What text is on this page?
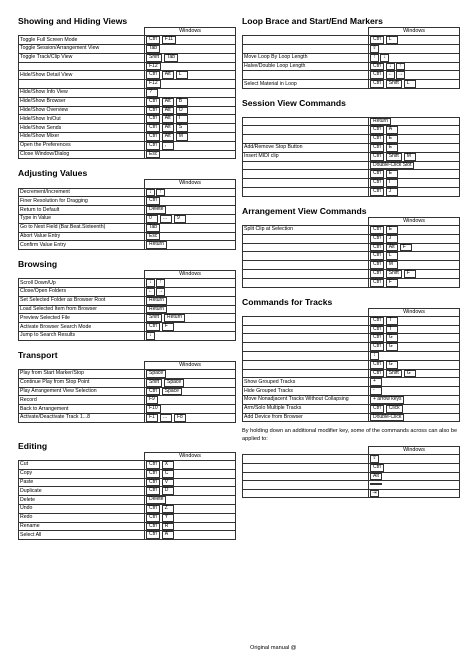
Showing and Hiding Views
	Windows
Toggle Full Screen Mode	Ctrl F11
Toggle Session/Arrangement View	Tab
Toggle Track/Clip View	Shift Tab
	F12
Hide/Show Detail View	Ctrl Alt L
	F12
Hide/Show Info View	?
Hide/Show Browser	Ctrl Alt B
Hide/Show Overview	Ctrl Alt O
Hide/Show In/Out	Ctrl Alt I
Hide/Show Sends	Ctrl Alt S
Hide/Show Mixer	Ctrl Alt M
Open the Preferences	Ctrl ,
Close Window/Dialog	Esc
Adjusting Values
	Windows
Decrement/Increment	↓ ↑
Finer Resolution for Dragging	Ctrl
Return to Default	Delete
Type in Value	0 ... 9
Go to Next Field (Bar.Beat.Sixteenth)	Tab
Abort Value Entry	Esc
Confirm Value Entry	Return
Browsing
	Windows
Scroll Down/Up	↓ ↑
Close/Open Folders	← →
Set Selected Folder as Browser Root	Return
Load Selected Item from Browser	Return
Preview Selected File	Shift Return
Activate Browser Search Mode	Ctrl F
Jump to Search Results	↓
Transport
	Windows
Play from Start Marker/Stop	Space
Continue Play from Stop Point	Shift Space
Play Arrangement View Selection	Ctrl Space
Record	F9
Back to Arrangement	F10
Activate/Deactivate Track 1...8	F1 ... F8
Editing
	Windows
Cut	Ctrl X
Copy	Ctrl C
Paste	Ctrl V
Duplicate	Ctrl D
Delete	Delete
Undo	Ctrl Z
Redo	Ctrl Y
Rename	Ctrl R
Select All	Ctrl A
Loop Brace and Start/End Markers
	Windows
	Ctrl L
	⇧
Move Loop By Loop Length	↑ ↓
Halve/Double Loop Length	Ctrl ↓ ↑
	Ctrl ← →
Select Material in Loop	Ctrl Shift L
Session View Commands

	Return
	Ctrl A
	Ctrl E
Add/Remove Stop Button	Ctrl E
Insert MIDI clip	Ctrl Shift M
	Double-Click Slot
	Ctrl E
	Ctrl I
	Ctrl J
Arrangement View Commands
	Windows
Split Clip at Selection	Ctrl E
	Ctrl J
	Ctrl Alt F
	Ctrl L
	Ctrl M
	Ctrl Shift F
	Ctrl F
Commands for Tracks
	Windows
	Ctrl T
	Ctrl T
	Ctrl G
	Ctrl G
	↕
	Ctrl G
	Ctrl Shift G
Show Grouped Tracks	+
Hide Grouped Tracks	-
Move Nonadjacent Tracks Without Collapsing	+ arrow keys
Arm/Solo Multiple Tracks	Ctrl Click
Add Device from Browser	Double-Click
By holding down an additional modifier key, some of the commands across can also be applied to:
	Windows
	⇧
	Ctrl
	Alt

	⇥
Original manual @
